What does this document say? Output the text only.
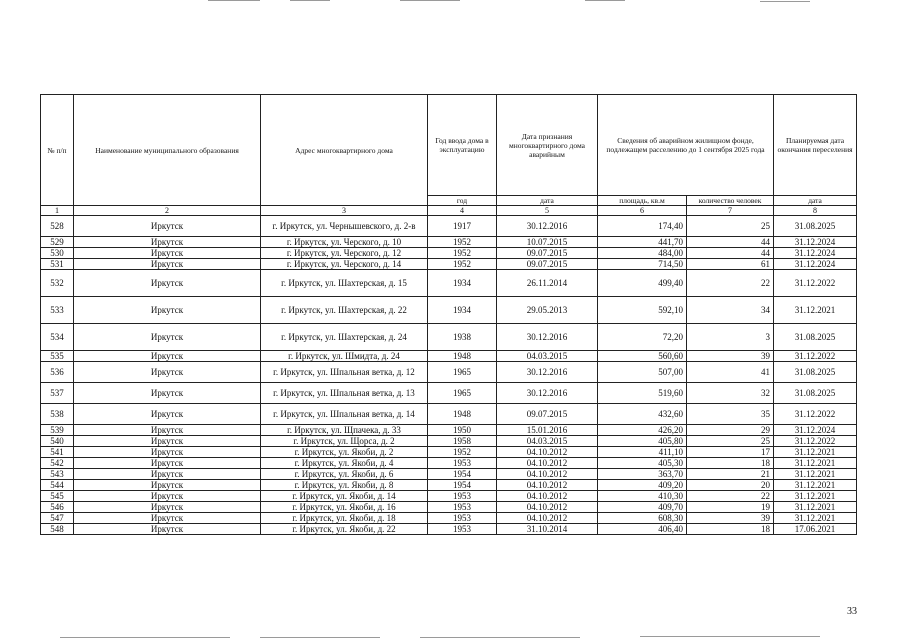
№ п/п	Наименование муниципального образования	Адрес многоквартирного дома	Год ввода дома в эксплуатацию	Дата признания многоквартирного дома аварийным	Сведения об аварийном жилищном фонде, подлежащем расселению до 1 сентября 2025 года		Планируемая дата окончания переселения
			год	дата	площадь, кв.м	количество человек	дата
1	2	3	4	5	6	7	8
528	Иркутск	г. Иркутск, ул. Чернышевского, д. 2-в	1917	30.12.2016	174,40	25	31.08.2025
529	Иркутск	г. Иркутск, ул. Черского, д. 10	1952	10.07.2015	441,70	44	31.12.2024
530	Иркутск	г. Иркутск, ул. Черского, д. 12	1952	09.07.2015	484,00	44	31.12.2024
531	Иркутск	г. Иркутск, ул. Черского, д. 14	1952	09.07.2015	714,50	61	31.12.2024
532	Иркутск	г. Иркутск, ул. Шахтерская, д. 15	1934	26.11.2014	499,40	22	31.12.2022
533	Иркутск	г. Иркутск, ул. Шахтерская, д. 22	1934	29.05.2013	592,10	34	31.12.2021
534	Иркутск	г. Иркутск, ул. Шахтерская, д. 24	1938	30.12.2016	72,20	3	31.08.2025
535	Иркутск	г. Иркутск, ул. Шмидта, д. 24	1948	04.03.2015	560,60	39	31.12.2022
536	Иркутск	г. Иркутск, ул. Шпальная ветка, д. 12	1965	30.12.2016	507,00	41	31.08.2025
537	Иркутск	г. Иркутск, ул. Шпальная ветка, д. 13	1965	30.12.2016	519,60	32	31.08.2025
538	Иркутск	г. Иркутск, ул. Шпальная ветка, д. 14	1948	09.07.2015	432,60	35	31.12.2022
539	Иркутск	г. Иркутск, ул. Щпачека, д. 33	1950	15.01.2016	426,20	29	31.12.2024
540	Иркутск	г. Иркутск, ул. Щорса, д. 2	1958	04.03.2015	405,80	25	31.12.2022
541	Иркутск	г. Иркутск, ул. Якоби, д. 2	1952	04.10.2012	411,10	17	31.12.2021
542	Иркутск	г. Иркутск, ул. Якоби, д. 4	1953	04.10.2012	405,30	18	31.12.2021
543	Иркутск	г. Иркутск, ул. Якоби, д. 6	1954	04.10.2012	363,70	21	31.12.2021
544	Иркутск	г. Иркутск, ул. Якоби, д. 8	1954	04.10.2012	409,20	20	31.12.2021
545	Иркутск	г. Иркутск, ул. Якоби, д. 14	1953	04.10.2012	410,30	22	31.12.2021
546	Иркутск	г. Иркутск, ул. Якоби, д. 16	1953	04.10.2012	409,70	19	31.12.2021
547	Иркутск	г. Иркутск, ул. Якоби, д. 18	1953	04.10.2012	608,30	39	31.12.2021
548	Иркутск	г. Иркутск, ул. Якоби, д. 22	1953	31.10.2014	406,40	18	17.06.2021
33
